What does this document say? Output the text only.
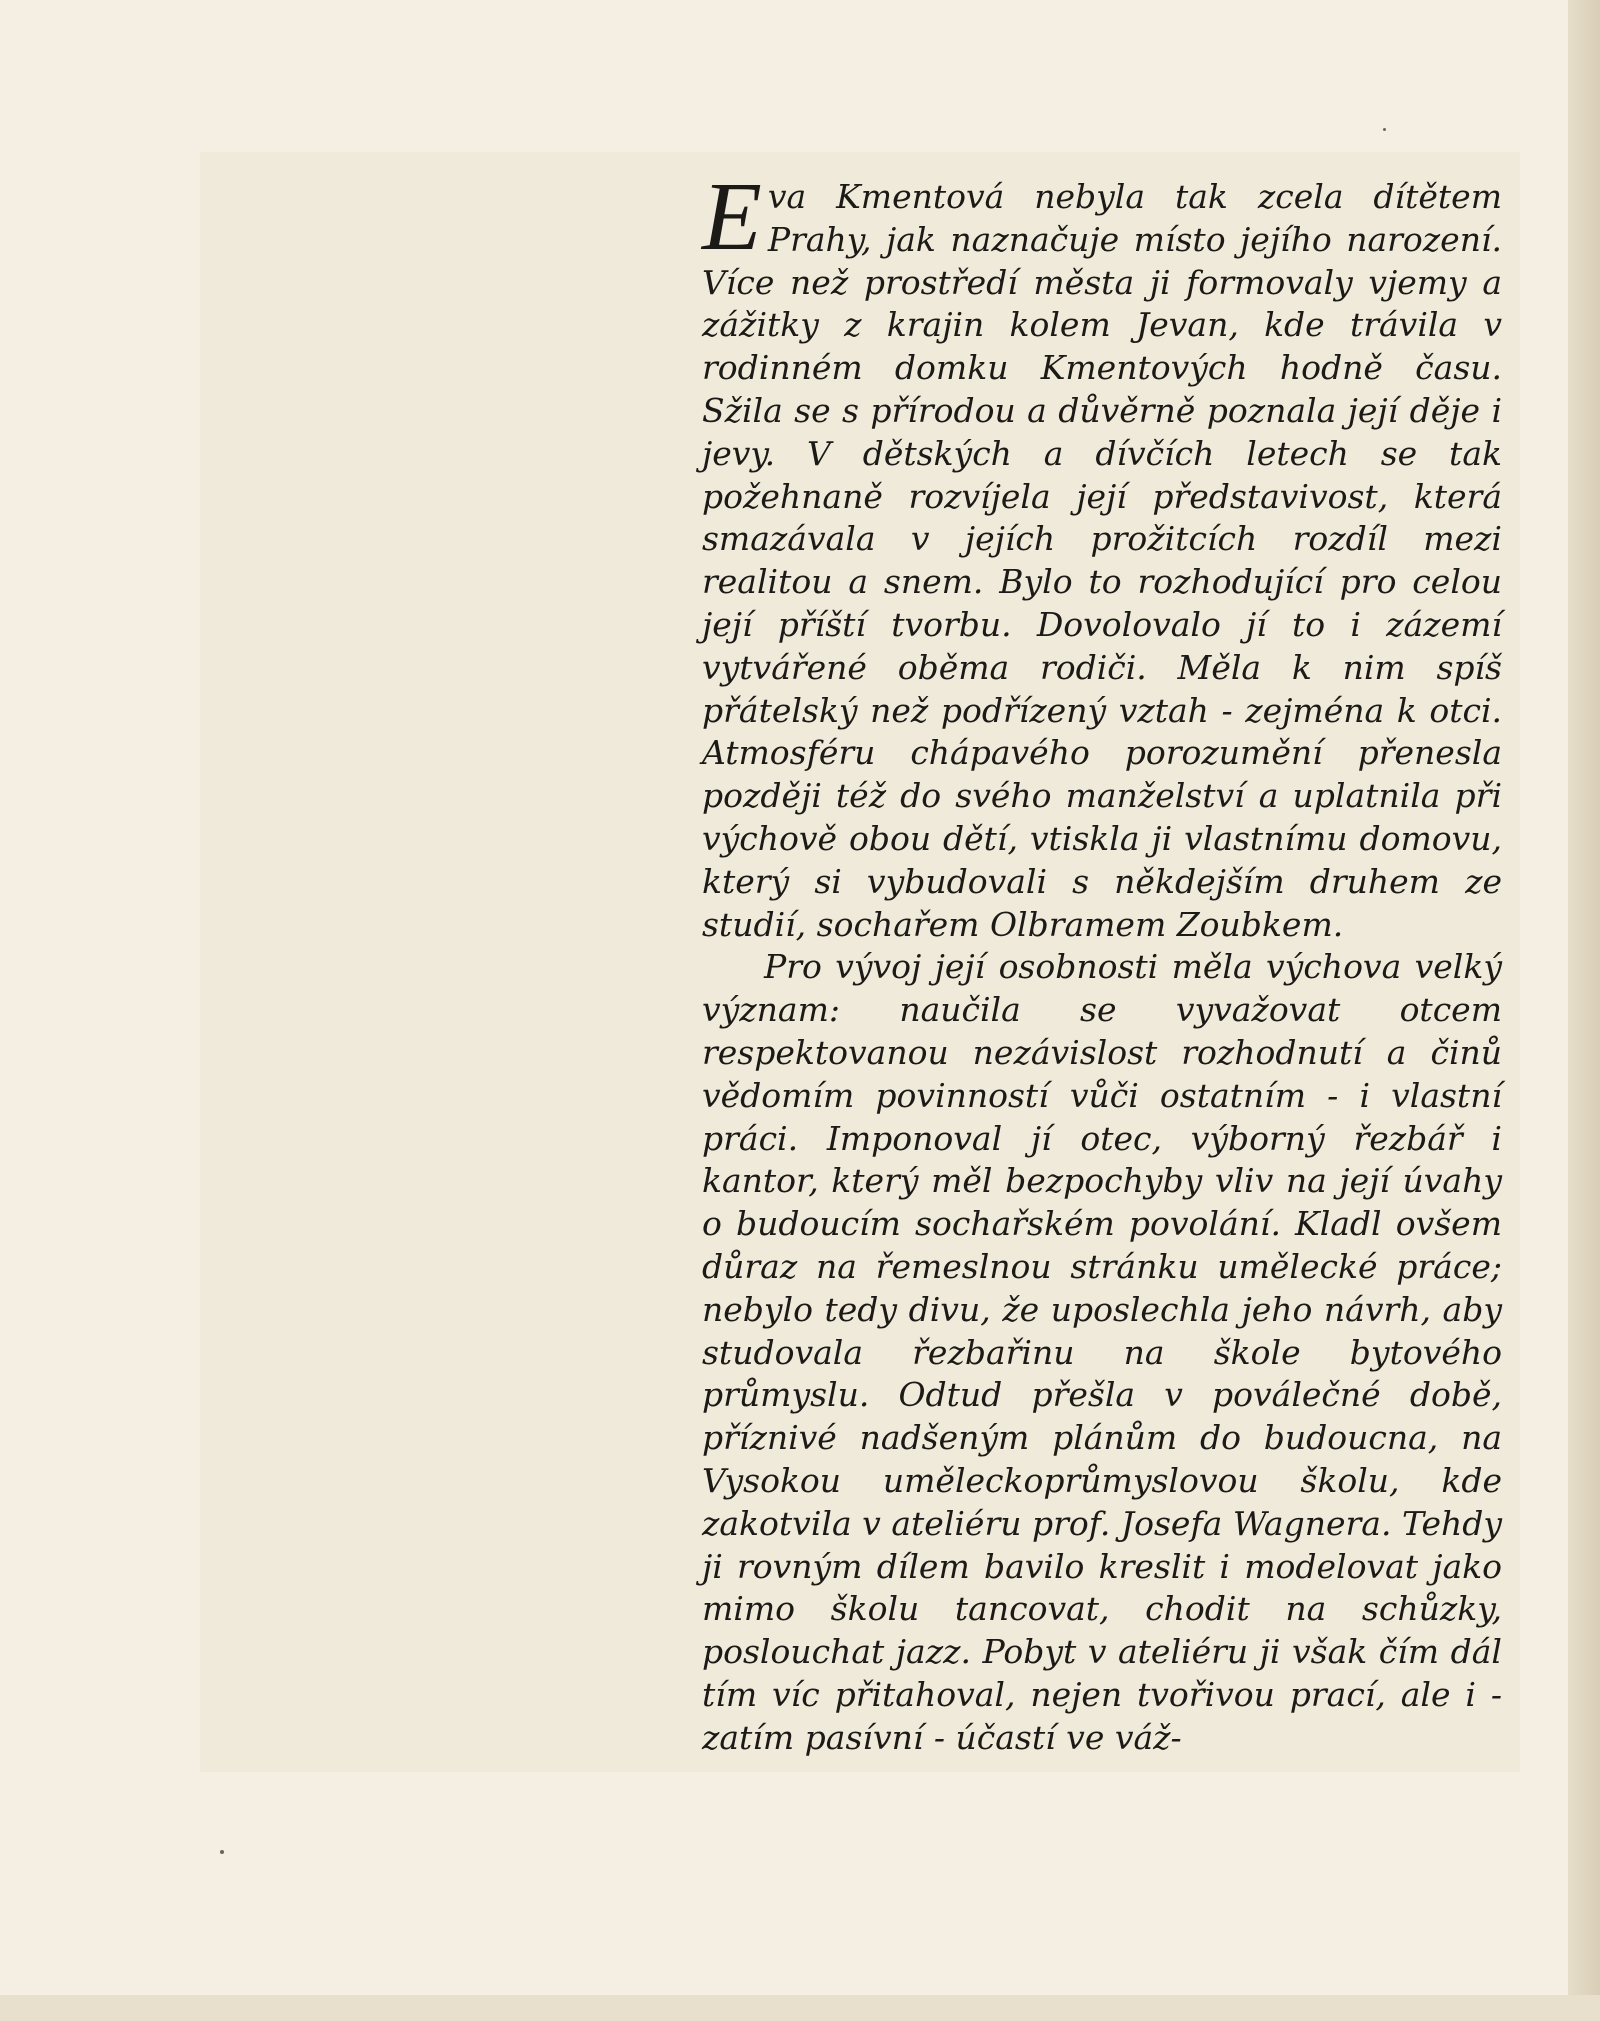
Eva Kmentová nebyla tak zcela dítětem Prahy, jak naznačuje místo jejího narození. Více než prostředí města ji formovaly vjemy a zážitky z krajin kolem Jevan, kde trávila v rodinném domku Kmentových hodně času. Sžila se s přírodou a důvěrně poznala její děje i jevy. V dětských a dívčích letech se tak požehnaně rozvíjela její představivost, která smazávala v jejích prožitcích rozdíl mezi realitou a snem. Bylo to rozhodující pro celou její příští tvorbu. Dovolovalo jí to i zázemí vytvářené oběma rodiči. Měla k nim spíš přátelský než podřízený vztah - zejména k otci. Atmosféru chápavého porozumění přenesla později též do svého manželství a uplatnila při výchově obou dětí, vtiskla ji vlastnímu domovu, který si vybudovali s někdejším druhem ze studií, sochařem Olbramem Zoubkem.

Pro vývoj její osobnosti měla výchova velký význam: naučila se vyvažovat otcem respektovanou nezávislost rozhodnutí a činů vědomím povinností vůči ostatním - i vlastní práci. Imponoval jí otec, výborný řezbář i kantor, který měl bezpochyby vliv na její úvahy o budoucím sochařském povolání. Kladl ovšem důraz na řemeslnou stránku umělecké práce; nebylo tedy divu, že uposlechla jeho návrh, aby studovala řezbařinu na škole bytového průmyslu. Odtud přešla v poválečné době, příznivé nadšeným plánům do budoucna, na Vysokou uměleckoprůmyslovou školu, kde zakotvila v ateliéru prof. Josefa Wagnera. Tehdy ji rovným dílem bavilo kreslit i modelovat jako mimo školu tancovat, chodit na schůzky, poslouchat jazz. Pobyt v ateliéru ji však čím dál tím víc přitahoval, nejen tvořivou prací, ale i - zatím pasívní - účastí ve váž-
